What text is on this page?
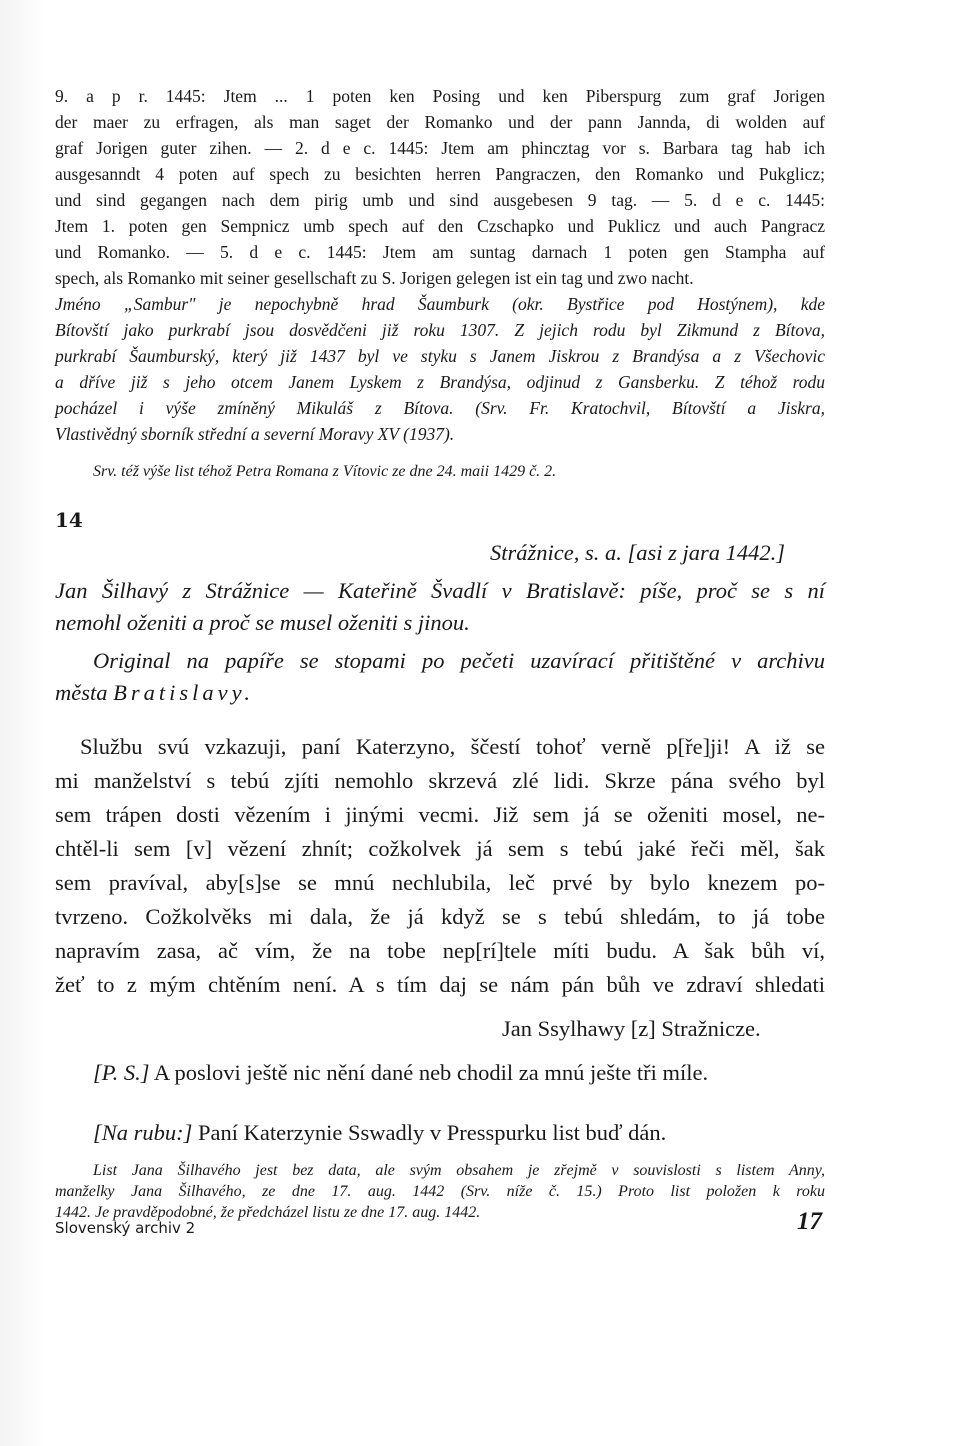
9. a p r. 1445: Jtem ... 1 poten ken Posing und ken Piberspurg zum graf Jorigen

der maer zu erfragen, als man saget der Romanko und der pann Jannda, di wolden auf

graf Jorigen guter zihen. — 2. d e c. 1445: Jtem am phincztag vor s. Barbara tag hab ich

ausgesanndt 4 poten auf spech zu besichten herren Pangraczen, den Romanko und Pukglicz;

und sind gegangen nach dem pirig umb und sind ausgebesen 9 tag. — 5. d e c. 1445:

Jtem 1. poten gen Sempnicz umb spech auf den Czschapko und Puklicz und auch Pangracz

und Romanko. — 5. d e c. 1445: Jtem am suntag darnach 1 poten gen Stampha auf

spech, als Romanko mit seiner gesellschaft zu S. Jorigen gelegen ist ein tag und zwo nacht.

Jméno „Sambur" je nepochybně hrad Šaumburk (okr. Bystřice pod Hostýnem), kde

Bítovští jako purkrabí jsou dosvědčeni již roku 1307. Z jejich rodu byl Zikmund z Bítova,

purkrabí Šaumburský, který již 1437 byl ve styku s Janem Jiskrou z Brandýsa a z Všechovic

a dříve již s jeho otcem Janem Lyskem z Brandýsa, odjinud z Gansberku. Z téhož rodu

pocházel i výše zmíněný Mikuláš z Bítova. (Srv. Fr. Kratochvil, Bítovští a Jiskra,

Vlastivědný sborník střední a severní Moravy XV (1937).

Srv. též výše list téhož Petra Romana z Vítovic ze dne 24. maii 1429 č. 2.

14

Strážnice, s. a. [asi z jara 1442.]

Jan Šilhavý z Strážnice — Kateřině Švadlí v Bratislavě: píše, proč se s ní

nemohl oženiti a proč se musel oženiti s jinou.

Original na papíře se stopami po pečeti uzavírací přitištěné v archivu

města Bratislavy.

Službu svú vzkazuji, paní Katerzyno, ščestí tohoť verně p[ře]ji! A iž se

mi manželství s tebú zjíti nemohlo skrzevá zlé lidi. Skrze pána svého byl

sem trápen dosti vězením i jinými vecmi. Již sem já se oženiti mosel, ne-

chtěl-li sem [v] vězení zhnít; cožkolvek já sem s tebú jaké řeči měl, šak

sem pravíval, aby[s]se se mnú nechlubila, leč prvé by bylo knezem po-

tvrzeno. Cožkolvěks mi dala, že já když se s tebú shledám, to já tobe

napravím zasa, ač vím, že na tobe nep[rí]tele míti budu. A šak bůh ví,

žeť to z mým chtěním není. A s tím daj se nám pán bůh ve zdraví shledati

Jan Ssylhawy [z] Stražnicze.

[P. S.] A poslovi ještě nic nění dané neb chodil za mnú ješte tři míle.

[Na rubu:] Paní Katerzynie Sswadly v Presspurku list buď dán.

List Jana Šilhavého jest bez data, ale svým obsahem je zřejmě v souvislosti s listem Anny,

manželky Jana Šilhavého, ze dne 17. aug. 1442 (Srv. níže č. 15.) Proto list položen k roku

1442. Je pravděpodobné, že předcházel listu ze dne 17. aug. 1442.

Slovenský archiv 2	17
